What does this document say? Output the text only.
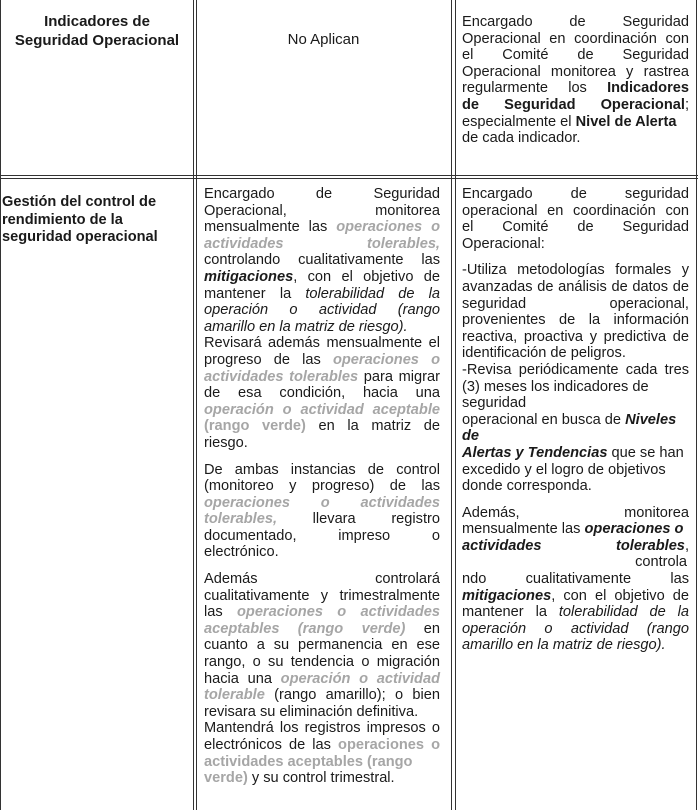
Indicadores de
Seguridad Operacional	No Aplican
Encargado de Seguridad
Operacional en coordinación con
el Comité de Seguridad
Operacional monitorea y rastrea
regularmente los Indicadores
de Seguridad Operacional;
especialmente el Nivel de Alerta
de cada indicador.
Gestión del control de
rendimiento de la
seguridad operacional
Encargado de Seguridad
Operacional, monitorea
mensualmente las operaciones o
actividades tolerables,
controlando cualitativamente las
mitigaciones, con el objetivo de
mantener la tolerabilidad de la
operación o actividad (rango
amarillo en la matriz de riesgo).
Revisará además mensualmente el
progreso de las operaciones o
actividades tolerables para migrar
de esa condición, hacia una
operación o actividad aceptable
(rango verde) en la matriz de
riesgo.
De ambas instancias de control
(monitoreo y progreso) de las
operaciones o actividades
tolerables, llevara registro
documentado, impreso o
electrónico.
Además controlará
cualitativamente y trimestralmente
las operaciones o actividades
aceptables (rango verde) en
cuanto a su permanencia en ese
rango, o su tendencia o migración
hacia una operación o actividad
tolerable (rango amarillo); o bien
revisara su eliminación definitiva.
Mantendrá los registros impresos o
electrónicos de las operaciones o
actividades aceptables (rango
verde) y su control trimestral.
Encargado de seguridad
operacional en coordinación con
el Comité de Seguridad
Operacional:
-Utiliza metodologías formales y
avanzadas de análisis de datos de
seguridad operacional,
provenientes de la información
reactiva, proactiva y predictiva de
identificación de peligros.
-Revisa periódicamente cada tres
(3) meses los indicadores de
seguridad
operacional en busca de Niveles
de
Alertas y Tendencias que se han
excedido y el logro de objetivos
donde corresponda.
Además, monitorea
mensualmente las operaciones o
actividades	tolerables,
controla
ndo cualitativamente las
mitigaciones, con el objetivo de
mantener la tolerabilidad de la
operación o actividad (rango
amarillo en la matriz de riesgo).
